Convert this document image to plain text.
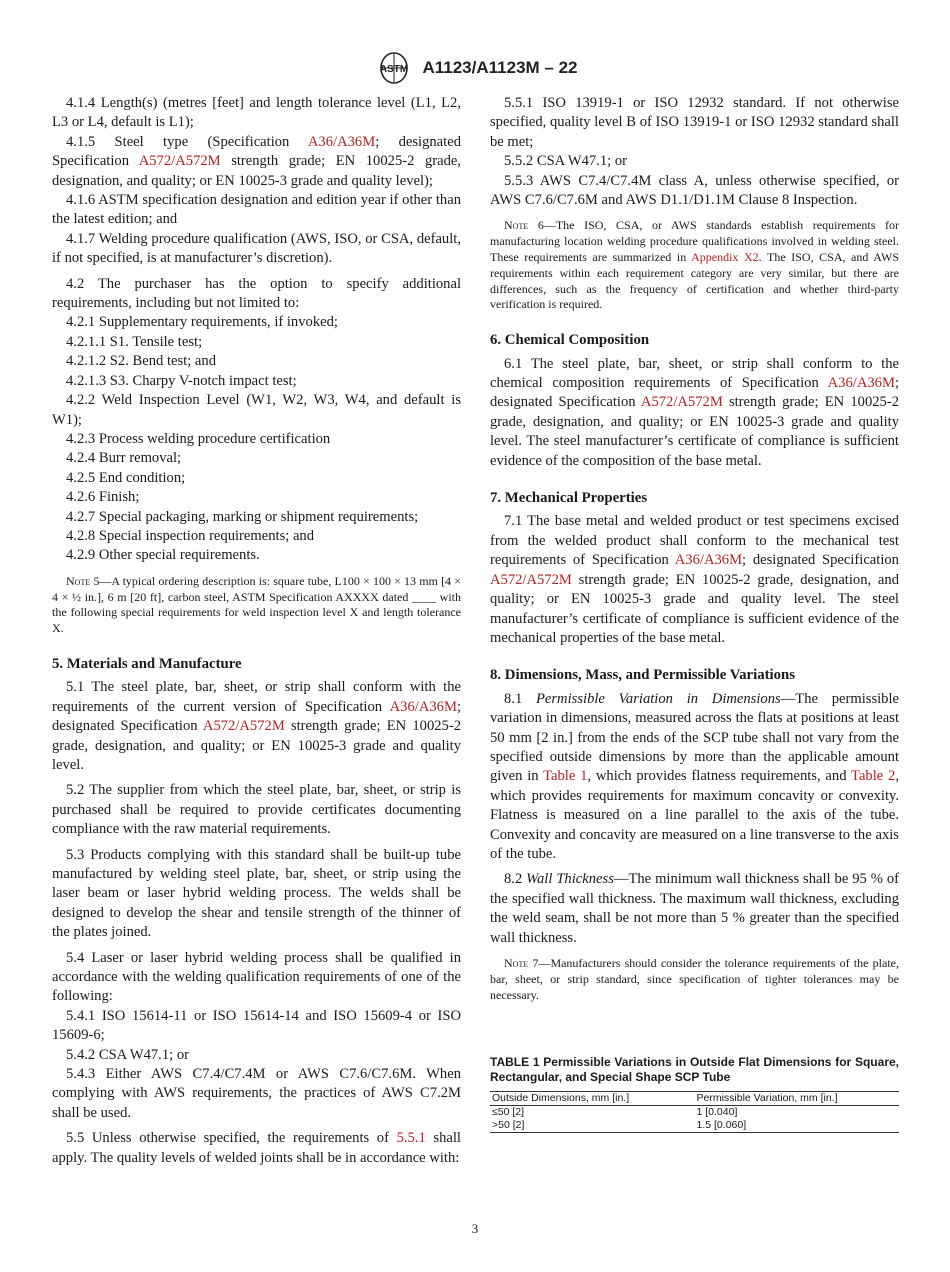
ASTM A1123/A1123M – 22

4.1.4 Length(s) (metres [feet] and length tolerance level (L1, L2, L3 or L4, default is L1);

4.1.5 Steel type (Specification A36/A36M; designated Specification A572/A572M strength grade; EN 10025-2 grade, designation, and quality; or EN 10025-3 grade and quality level);

4.1.6 ASTM specification designation and edition year if other than the latest edition; and

4.1.7 Welding procedure qualification (AWS, ISO, or CSA, default, if not specified, is at manufacturer’s discretion).

4.2 The purchaser has the option to specify additional requirements, including but not limited to:

4.2.1 Supplementary requirements, if invoked;

4.2.1.1 S1. Tensile test;

4.2.1.2 S2. Bend test; and

4.2.1.3 S3. Charpy V-notch impact test;

4.2.2 Weld Inspection Level (W1, W2, W3, W4, and default is W1);

4.2.3 Process welding procedure certification

4.2.4 Burr removal;

4.2.5 End condition;

4.2.6 Finish;

4.2.7 Special packaging, marking or shipment requirements;

4.2.8 Special inspection requirements; and

4.2.9 Other special requirements.

Note 5—A typical ordering description is: square tube, L100 × 100 × 13 mm [4 × 4 × ½ in.], 6 m [20 ft], carbon steel, ASTM Specification AXXXX dated ____ with the following special requirements for weld inspection level X and length tolerance X.

5. Materials and Manufacture

5.1 The steel plate, bar, sheet, or strip shall conform with the requirements of the current version of Specification A36/A36M; designated Specification A572/A572M strength grade; EN 10025-2 grade, designation, and quality; or EN 10025-3 grade and quality level.

5.2 The supplier from which the steel plate, bar, sheet, or strip is purchased shall be required to provide certificates documenting compliance with the raw material requirements.

5.3 Products complying with this standard shall be built-up tube manufactured by welding steel plate, bar, sheet, or strip using the laser beam or laser hybrid welding process. The welds shall be designed to develop the shear and tensile strength of the thinner of the plates joined.

5.4 Laser or laser hybrid welding process shall be qualified in accordance with the welding qualification requirements of one of the following:

5.4.1 ISO 15614-11 or ISO 15614-14 and ISO 15609-4 or ISO 15609-6;

5.4.2 CSA W47.1; or

5.4.3 Either AWS C7.4/C7.4M or AWS C7.6/C7.6M. When complying with AWS requirements, the practices of AWS C7.2M shall be used.

5.5 Unless otherwise specified, the requirements of 5.5.1 shall apply. The quality levels of welded joints shall be in accordance with:

5.5.1 ISO 13919-1 or ISO 12932 standard. If not otherwise specified, quality level B of ISO 13919-1 or ISO 12932 standard shall be met;

5.5.2 CSA W47.1; or

5.5.3 AWS C7.4/C7.4M class A, unless otherwise specified, or AWS C7.6/C7.6M and AWS D1.1/D1.1M Clause 8 Inspection.

Note 6—The ISO, CSA, or AWS standards establish requirements for manufacturing location welding procedure qualifications involved in welding steel. These requirements are summarized in Appendix X2. The ISO, CSA, and AWS requirements within each requirement category are very similar, but there are differences, such as the frequency of certification and whether third-party verification is required.

6. Chemical Composition

6.1 The steel plate, bar, sheet, or strip shall conform to the chemical composition requirements of Specification A36/A36M; designated Specification A572/A572M strength grade; EN 10025-2 grade, designation, and quality; or EN 10025-3 grade and quality level. The steel manufacturer’s certificate of compliance is sufficient evidence of the composition of the base metal.

7. Mechanical Properties

7.1 The base metal and welded product or test specimens excised from the welded product shall conform to the mechanical test requirements of Specification A36/A36M; designated Specification A572/A572M strength grade; EN 10025-2 grade, designation, and quality; or EN 10025-3 grade and quality level. The steel manufacturer’s certificate of compliance is sufficient evidence of the mechanical properties of the base metal.

8. Dimensions, Mass, and Permissible Variations

8.1 Permissible Variation in Dimensions—The permissible variation in dimensions, measured across the flats at positions at least 50 mm [2 in.] from the ends of the SCP tube shall not vary from the specified outside dimensions by more than the applicable amount given in Table 1, which provides flatness requirements, and Table 2, which provides requirements for maximum concavity or convexity. Flatness is measured on a line parallel to the axis of the tube. Convexity and concavity are measured on a line transverse to the axis of the tube.

8.2 Wall Thickness—The minimum wall thickness shall be 95 % of the specified wall thickness. The maximum wall thickness, excluding the weld seam, shall be not more than 5 % greater than the specified wall thickness.

Note 7—Manufacturers should consider the tolerance requirements of the plate, bar, sheet, or strip standard, since specification of tighter tolerances may be necessary.

TABLE 1 Permissible Variations in Outside Flat Dimensions for Square, Rectangular, and Special Shape SCP Tube

Outside Dimensions, mm [in.]	Permissible Variation, mm [in.]
≤50 [2]	1 [0.040]
>50 [2]	1.5 [0.060]
3
